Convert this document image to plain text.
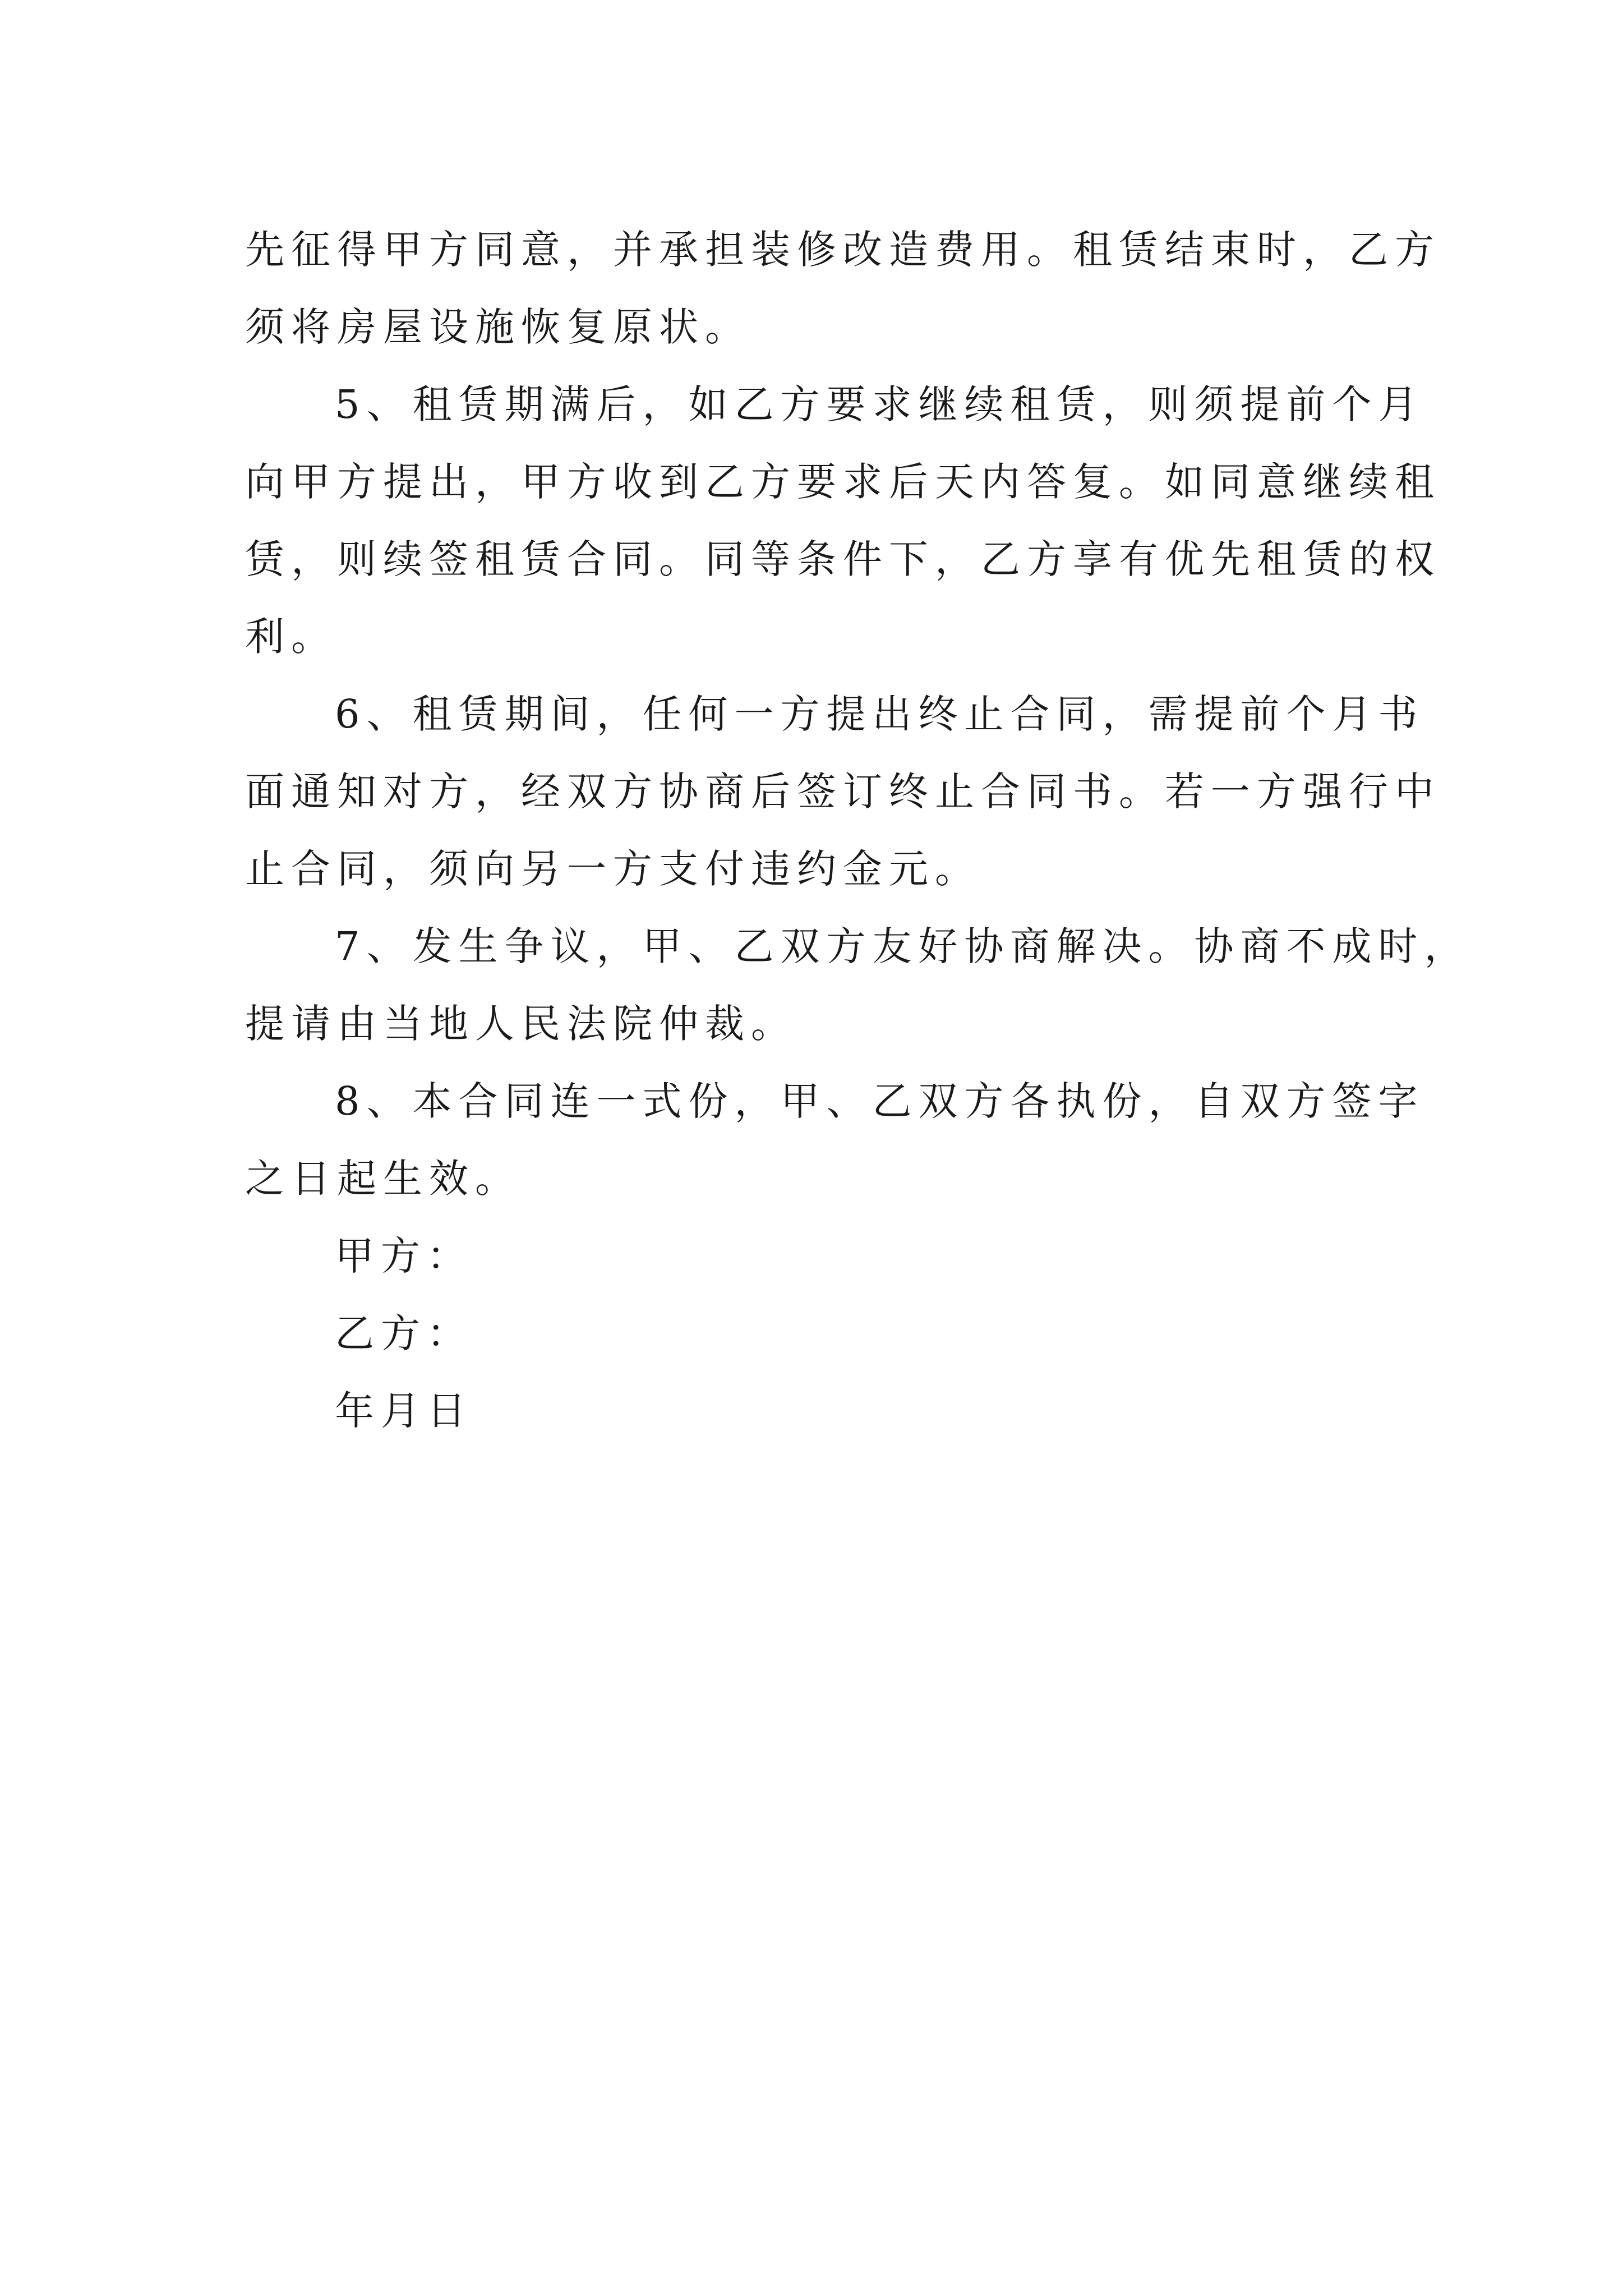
先征得甲方同意，并承担装修改造费用。租赁结束时，乙方
须将房屋设施恢复原状。

5、租赁期满后，如乙方要求继续租赁，则须提前个月
向甲方提出，甲方收到乙方要求后天内答复。如同意继续租
赁，则续签租赁合同。同等条件下，乙方享有优先租赁的权
利。

6、租赁期间，任何一方提出终止合同，需提前个月书
面通知对方，经双方协商后签订终止合同书。若一方强行中
止合同，须向另一方支付违约金元。

7、发生争议，甲、乙双方友好协商解决。协商不成时，
提请由当地人民法院仲裁。

8、本合同连一式份，甲、乙双方各执份，自双方签字
之日起生效。

甲方：
乙方：
年月日
